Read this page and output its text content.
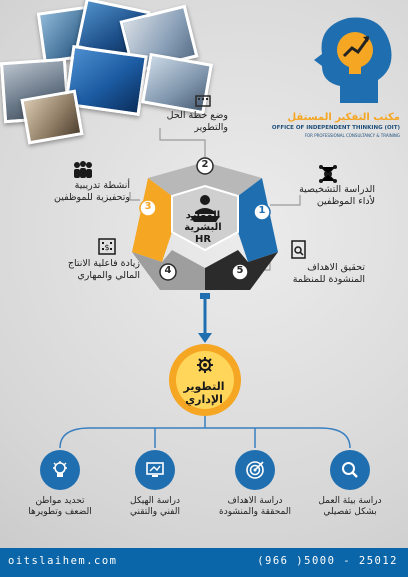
مكتب التفكير المستقل
OFFICE OF INDEPENDENT THINKING (OIT)
FOR PROFESSIONAL CONSULTANCY & TRAINING
2
1
3
4	5
الموارد البشرية
HR
وضع خطة الحل
والتطوير
أنشطة تدريبية
وتحفيزية للموظفين
الدراسة التشخيصية
لأداء الموظفين
$
زيادة فاعلية الانتاج
المالي والمهاري
تحقيق الاهداف
المنشودة للمنظمة
التطوير
الإداري
تحديد مواطن
الضعف وتطويرها
دراسة الهيكل
الفني والتقني
دراسة الاهداف
المحققة والمنشودة
دراسة بيئة العمل
بشكل تفصيلي
oitslaihem.com	(966 )5000 - 25012
